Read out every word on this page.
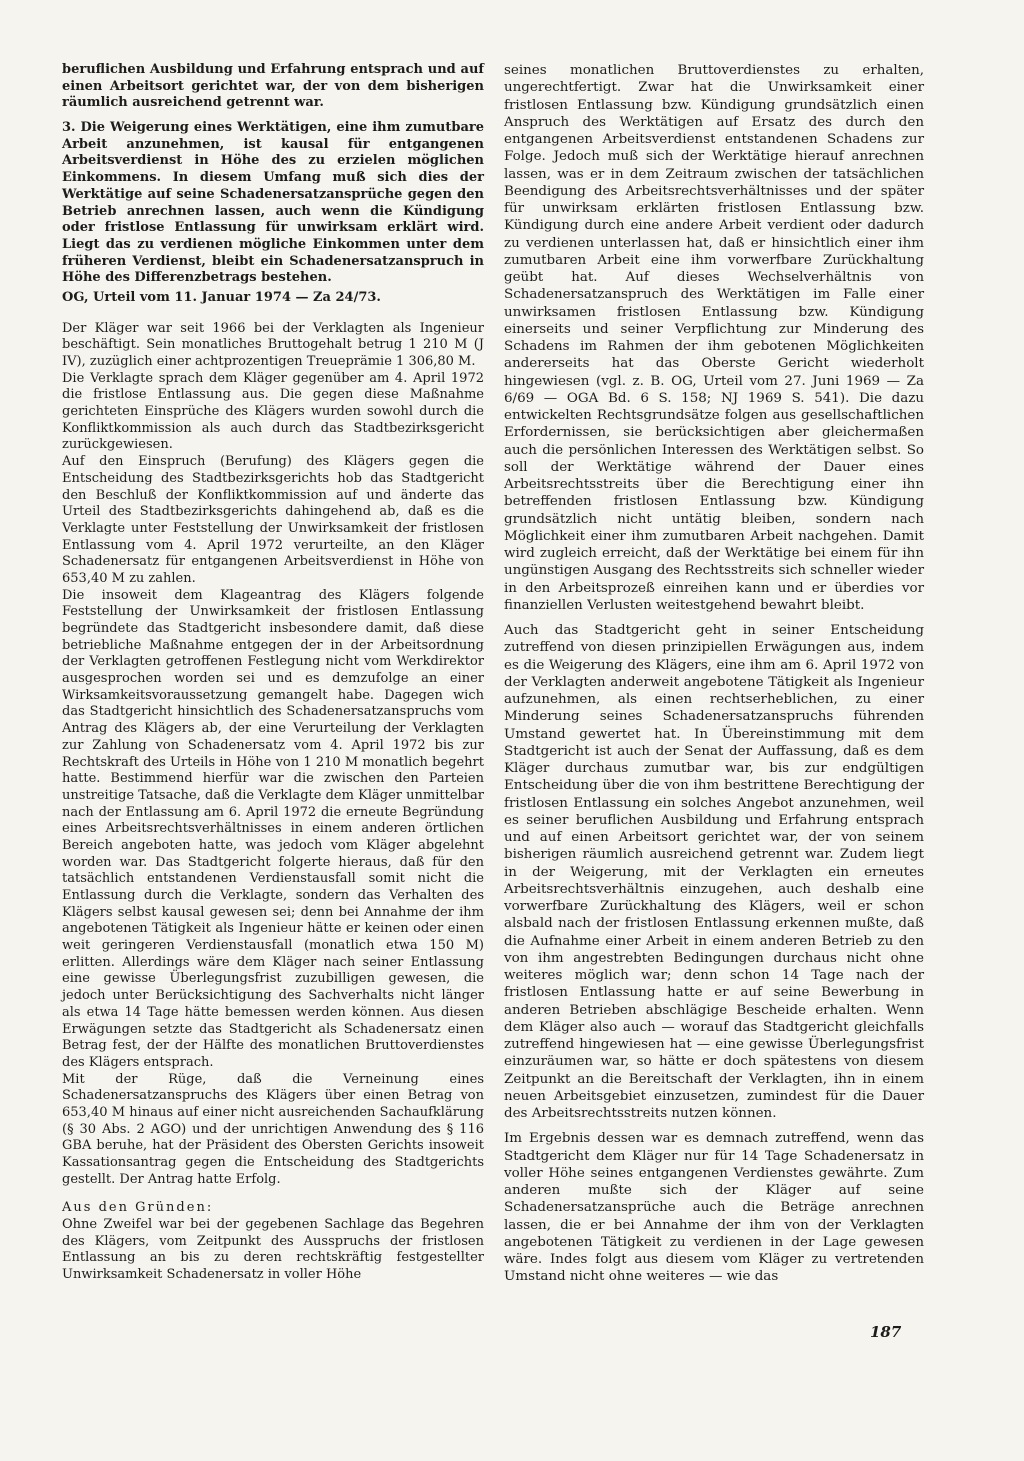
beruflichen Ausbildung und Erfahrung entsprach und auf einen Arbeitsort gerichtet war, der von dem bisherigen räumlich ausreichend getrennt war.

3. Die Weigerung eines Werktätigen, eine ihm zumutbare Arbeit anzunehmen, ist kausal für entgangenen Arbeitsverdienst in Höhe des zu erzielen möglichen Einkommens. In diesem Umfang muß sich dies der Werktätige auf seine Schadenersatzansprüche gegen den Betrieb anrechnen lassen, auch wenn die Kündigung oder fristlose Entlassung für unwirksam erklärt wird. Liegt das zu verdienen mögliche Einkommen unter dem früheren Verdienst, bleibt ein Schadenersatzanspruch in Höhe des Differenzbetrags bestehen.

OG, Urteil vom 11. Januar 1974 — Za 24/73.

Der Kläger war seit 1966 bei der Verklagten als Ingenieur beschäftigt. Sein monatliches Bruttogehalt betrug 1 210 M (J IV), zuzüglich einer achtprozentigen Treueprämie 1 306,80 M.

Die Verklagte sprach dem Kläger gegenüber am 4. April 1972 die fristlose Entlassung aus. Die gegen diese Maßnahme gerichteten Einsprüche des Klägers wurden sowohl durch die Konfliktkommission als auch durch das Stadtbezirksgericht zurückgewiesen.

Auf den Einspruch (Berufung) des Klägers gegen die Entscheidung des Stadtbezirksgerichts hob das Stadtgericht den Beschluß der Konfliktkommission auf und änderte das Urteil des Stadtbezirksgerichts dahingehend ab, daß es die Verklagte unter Feststellung der Unwirksamkeit der fristlosen Entlassung vom 4. April 1972 verurteilte, an den Kläger Schadenersatz für entgangenen Arbeitsverdienst in Höhe von 653,40 M zu zahlen.

Die insoweit dem Klageantrag des Klägers folgende Feststellung der Unwirksamkeit der fristlosen Entlassung begründete das Stadtgericht insbesondere damit, daß diese betriebliche Maßnahme entgegen der in der Arbeitsordnung der Verklagten getroffenen Festlegung nicht vom Werkdirektor ausgesprochen worden sei und es demzufolge an einer Wirksamkeitsvoraussetzung gemangelt habe. Dagegen wich das Stadtgericht hinsichtlich des Schadenersatzanspruchs vom Antrag des Klägers ab, der eine Verurteilung der Verklagten zur Zahlung von Schadenersatz vom 4. April 1972 bis zur Rechtskraft des Urteils in Höhe von 1 210 M monatlich begehrt hatte. Bestimmend hierfür war die zwischen den Parteien unstreitige Tatsache, daß die Verklagte dem Kläger unmittelbar nach der Entlassung am 6. April 1972 die erneute Begründung eines Arbeitsrechtsverhältnisses in einem anderen örtlichen Bereich angeboten hatte, was jedoch vom Kläger abgelehnt worden war. Das Stadtgericht folgerte hieraus, daß für den tatsächlich entstandenen Verdienstausfall somit nicht die Entlassung durch die Verklagte, sondern das Verhalten des Klägers selbst kausal gewesen sei; denn bei Annahme der ihm angebotenen Tätigkeit als Ingenieur hätte er keinen oder einen weit geringeren Verdienstausfall (monatlich etwa 150 M) erlitten. Allerdings wäre dem Kläger nach seiner Entlassung eine gewisse Überlegungsfrist zuzubilligen gewesen, die jedoch unter Berücksichtigung des Sachverhalts nicht länger als etwa 14 Tage hätte bemessen werden können. Aus diesen Erwägungen setzte das Stadtgericht als Schadenersatz einen Betrag fest, der der Hälfte des monatlichen Bruttoverdienstes des Klägers entsprach.

Mit der Rüge, daß die Verneinung eines Schadenersatzanspruchs des Klägers über einen Betrag von 653,40 M hinaus auf einer nicht ausreichenden Sachaufklärung (§ 30 Abs. 2 AGO) und der unrichtigen Anwendung des § 116 GBA beruhe, hat der Präsident des Obersten Gerichts insoweit Kassationsantrag gegen die Entscheidung des Stadtgerichts gestellt. Der Antrag hatte Erfolg.

Aus den Gründen:

Ohne Zweifel war bei der gegebenen Sachlage das Begehren des Klägers, vom Zeitpunkt des Ausspruchs der fristlosen Entlassung an bis zu deren rechtskräftig festgestellter Unwirksamkeit Schadenersatz in voller Höhe

seines monatlichen Bruttoverdienstes zu erhalten, ungerechtfertigt. Zwar hat die Unwirksamkeit einer fristlosen Entlassung bzw. Kündigung grundsätzlich einen Anspruch des Werktätigen auf Ersatz des durch den entgangenen Arbeitsverdienst entstandenen Schadens zur Folge. Jedoch muß sich der Werktätige hierauf anrechnen lassen, was er in dem Zeitraum zwischen der tatsächlichen Beendigung des Arbeitsrechtsverhältnisses und der später für unwirksam erklärten fristlosen Entlassung bzw. Kündigung durch eine andere Arbeit verdient oder dadurch zu verdienen unterlassen hat, daß er hinsichtlich einer ihm zumutbaren Arbeit eine ihm vorwerfbare Zurückhaltung geübt hat. Auf dieses Wechselverhältnis von Schadenersatzanspruch des Werktätigen im Falle einer unwirksamen fristlosen Entlassung bzw. Kündigung einerseits und seiner Verpflichtung zur Minderung des Schadens im Rahmen der ihm gebotenen Möglichkeiten andererseits hat das Oberste Gericht wiederholt hingewiesen (vgl. z. B. OG, Urteil vom 27. Juni 1969 — Za 6/69 — OGA Bd. 6 S. 158; NJ 1969 S. 541). Die dazu entwickelten Rechtsgrundsätze folgen aus gesellschaftlichen Erfordernissen, sie berücksichtigen aber gleichermaßen auch die persönlichen Interessen des Werktätigen selbst. So soll der Werktätige während der Dauer eines Arbeitsrechtsstreits über die Berechtigung einer ihn betreffenden fristlosen Entlassung bzw. Kündigung grundsätzlich nicht untätig bleiben, sondern nach Möglichkeit einer ihm zumutbaren Arbeit nachgehen. Damit wird zugleich erreicht, daß der Werktätige bei einem für ihn ungünstigen Ausgang des Rechtsstreits sich schneller wieder in den Arbeitsprozeß einreihen kann und er überdies vor finanziellen Verlusten weitestgehend bewahrt bleibt.

Auch das Stadtgericht geht in seiner Entscheidung zutreffend von diesen prinzipiellen Erwägungen aus, indem es die Weigerung des Klägers, eine ihm am 6. April 1972 von der Verklagten anderweit angebotene Tätigkeit als Ingenieur aufzunehmen, als einen rechtserheblichen, zu einer Minderung seines Schadenersatzanspruchs führenden Umstand gewertet hat. In Übereinstimmung mit dem Stadtgericht ist auch der Senat der Auffassung, daß es dem Kläger durchaus zumutbar war, bis zur endgültigen Entscheidung über die von ihm bestrittene Berechtigung der fristlosen Entlassung ein solches Angebot anzunehmen, weil es seiner beruflichen Ausbildung und Erfahrung entsprach und auf einen Arbeitsort gerichtet war, der von seinem bisherigen räumlich ausreichend getrennt war. Zudem liegt in der Weigerung, mit der Verklagten ein erneutes Arbeitsrechtsverhältnis einzugehen, auch deshalb eine vorwerfbare Zurückhaltung des Klägers, weil er schon alsbald nach der fristlosen Entlassung erkennen mußte, daß die Aufnahme einer Arbeit in einem anderen Betrieb zu den von ihm angestrebten Bedingungen durchaus nicht ohne weiteres möglich war; denn schon 14 Tage nach der fristlosen Entlassung hatte er auf seine Bewerbung in anderen Betrieben abschlägige Bescheide erhalten. Wenn dem Kläger also auch — worauf das Stadtgericht gleichfalls zutreffend hingewiesen hat — eine gewisse Überlegungsfrist einzuräumen war, so hätte er doch spätestens von diesem Zeitpunkt an die Bereitschaft der Verklagten, ihn in einem neuen Arbeitsgebiet einzusetzen, zumindest für die Dauer des Arbeitsrechtsstreits nutzen können.

Im Ergebnis dessen war es demnach zutreffend, wenn das Stadtgericht dem Kläger nur für 14 Tage Schadenersatz in voller Höhe seines entgangenen Verdienstes gewährte. Zum anderen mußte sich der Kläger auf seine Schadenersatzansprüche auch die Beträge anrechnen lassen, die er bei Annahme der ihm von der Verklagten angebotenen Tätigkeit zu verdienen in der Lage gewesen wäre. Indes folgt aus diesem vom Kläger zu vertretenden Umstand nicht ohne weiteres — wie das

187
